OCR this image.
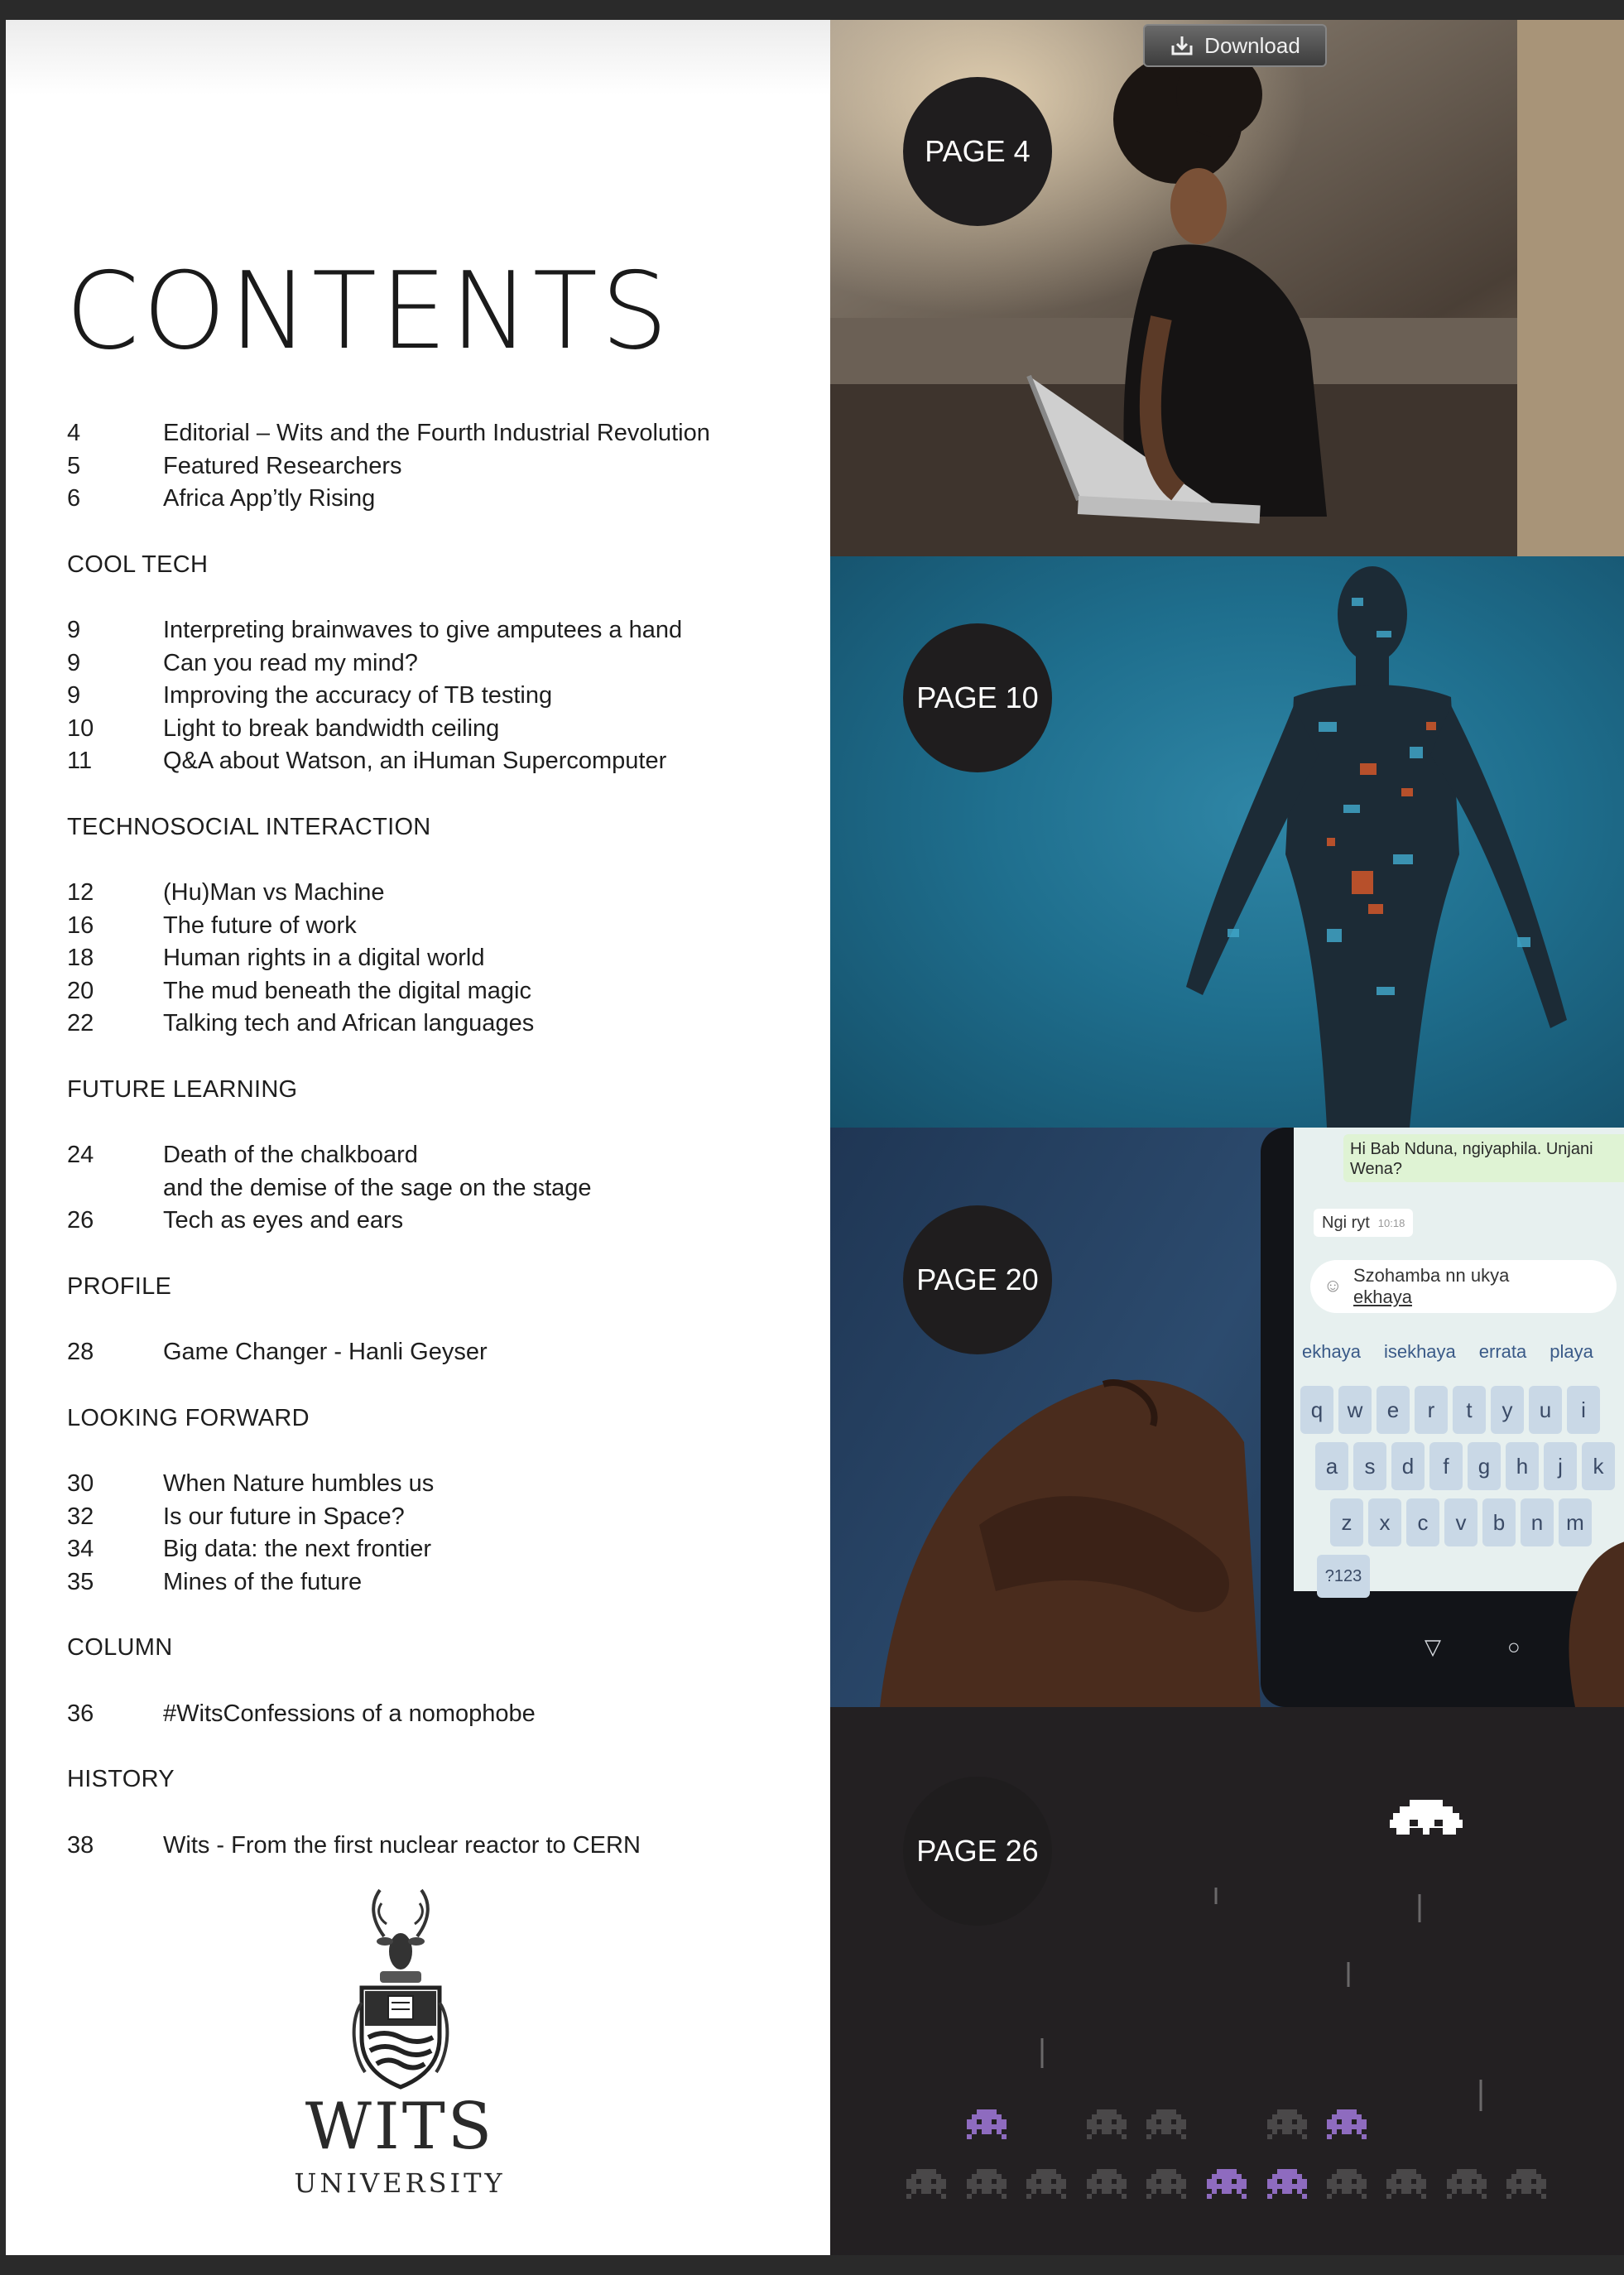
CONTENTS
4	Editorial – Wits and the Fourth Industrial Revolution
5	Featured Researchers
6	Africa App’tly Rising
COOL TECH
9	Interpreting brainwaves to give amputees a hand
9	Can you read my mind?
9	Improving the accuracy of TB testing
10	Light to break bandwidth ceiling
11	Q&A about Watson, an iHuman Supercomputer
TECHNOSOCIAL INTERACTION
12	(Hu)Man vs Machine
16	The future of work
18	Human rights in a digital world
20	The mud beneath the digital magic
22	Talking tech and African languages
FUTURE LEARNING
24	Death of the chalkboard
and the demise of the sage on the stage
26	Tech as eyes and ears
PROFILE
28	Game Changer - Hanli Geyser
LOOKING FORWARD
30	When Nature humbles us
32	Is our future in Space?
34	Big data: the next frontier
35	Mines of the future
COLUMN
36	#WitsConfessions of a nomophobe
HISTORY
38	Wits - From the first nuclear reactor to CERN
WITS
UNIVERSITY
Download
PAGE 4
PAGE 10
Hi Bab Nduna, ngiyaphila. Unjani Wena?
Ngi ryt 10:18
☺ Szohamba nn ukya
ekhaya
ekhaya isekhaya errata playa
q	w	e	r	t	y	u	i
a	s	d	f	g	h	j	k
z	x	c	v	b	n	m
?123
▽	○
PAGE 20
PAGE 26
